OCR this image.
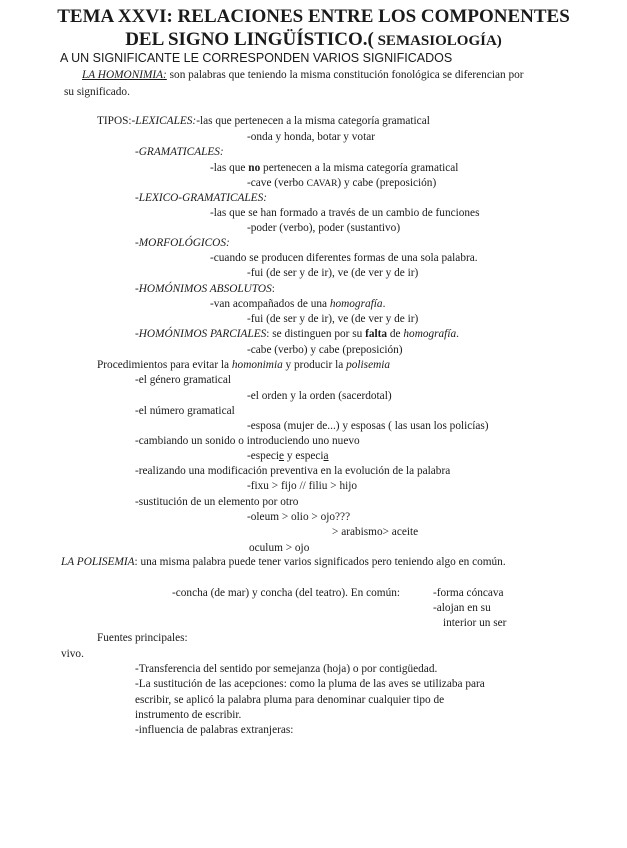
TEMA XXVI: RELACIONES ENTRE LOS COMPONENTES
DEL SIGNO LINGÜÍSTICO.( SEMASIOLOGÍA)
A UN SIGNIFICANTE LE CORRESPONDEN VARIOS SIGNIFICADOS
LA HOMONIMIA: son palabras que teniendo la misma constitución fonológica se diferencian por
su significado.
TIPOS:-LEXICALES:-las que pertenecen a la misma categoría gramatical
-onda y honda, botar y votar
-GRAMATICALES:
-las que no pertenecen a la misma categoría gramatical
-cave (verbo CAVAR) y cabe (preposición)
-LEXICO-GRAMATICALES:
-las que se han formado a través de un cambio de funciones
-poder (verbo), poder (sustantivo)
-MORFOLÓGICOS:
-cuando se producen diferentes formas de una sola palabra.
-fui (de ser y de ir), ve (de ver y de ir)
-HOMÓNIMOS ABSOLUTOS:
-van acompañados de una homografía.
-fui (de ser y de ir), ve (de ver y de ir)
-HOMÓNIMOS PARCIALES: se distinguen por su falta de homografía.
-cabe (verbo) y cabe (preposición)
Procedimientos para evitar la homonimia y producir la polisemia
-el género gramatical
-el orden y la orden (sacerdotal)
-el número gramatical
-esposa (mujer de...) y esposas ( las usan los policías)
-cambiando un sonido o introduciendo uno nuevo
-especie y especia
-realizando una modificación preventiva en la evolución de la palabra
-fixu > fijo // filiu > hijo
-sustitución de un elemento por otro
-oleum > olio > ojo???
> arabismo> aceite
oculum > ojo
LA POLISEMIA: una misma palabra puede tener varios significados pero teniendo algo en común.
-concha (de mar) y concha (del teatro). En común:	-forma cóncava
-alojan en su
interior un ser
Fuentes principales:
vivo.
-Transferencia del sentido por semejanza (hoja) o por contigüedad.
-La sustitución de las acepciones: como la pluma de las aves se utilizaba para
escribir, se aplicó la palabra pluma para denominar cualquier tipo de
instrumento de escribir.
-influencia de palabras extranjeras:
